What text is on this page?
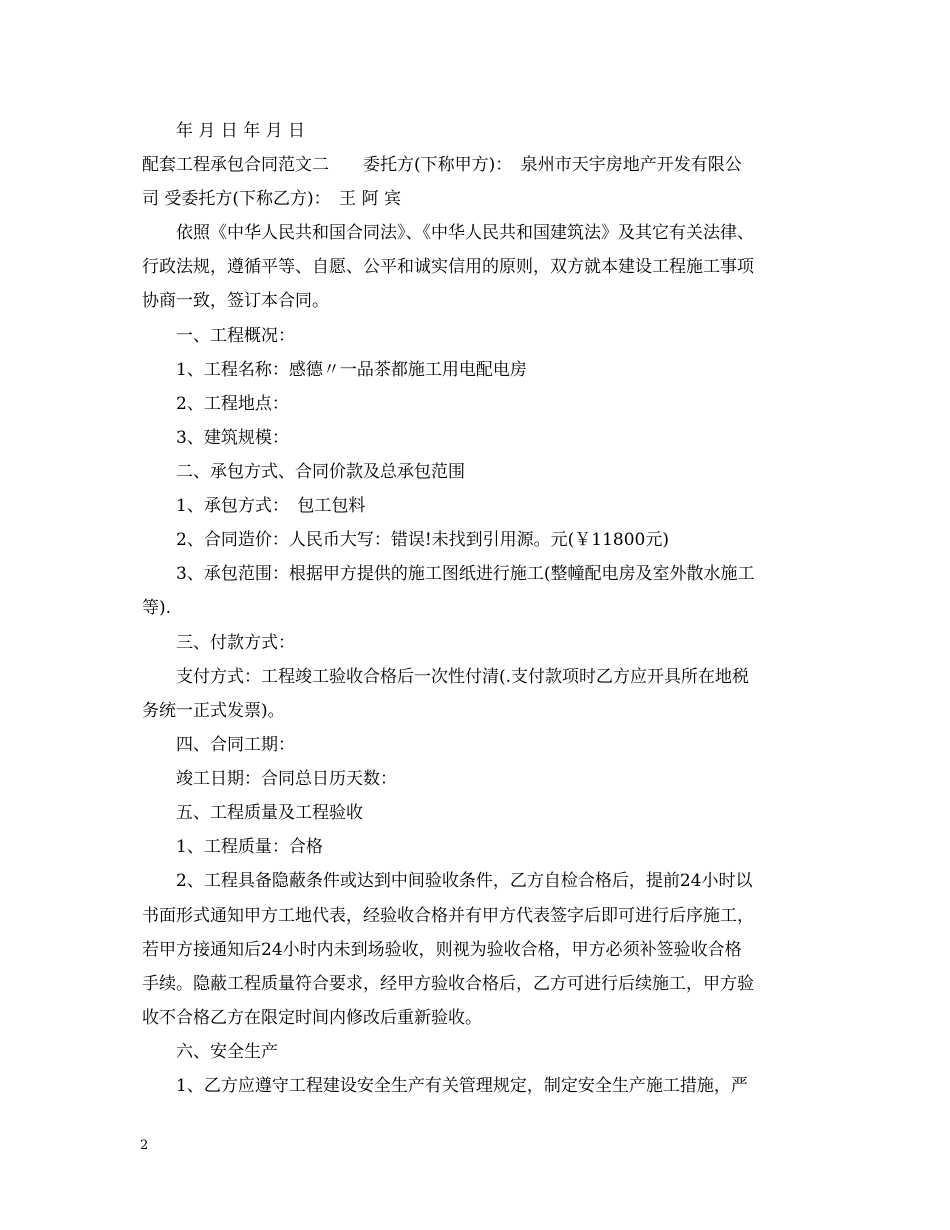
年 月 日 年 月 日
配套工程承包合同范文二　　委托方(下称甲方)：　泉州市天宇房地产开发有限公
司 受委托方(下称乙方)：　王 阿 宾
依照《中华人民共和国合同法》、《中华人民共和国建筑法》及其它有关法律、
行政法规，遵循平等、自愿、公平和诚实信用的原则，双方就本建设工程施工事项
协商一致，签订本合同。
一、工程概况：
1、工程名称：感德〃一品茶都施工用电配电房
2、工程地点：
3、建筑规模：
二、承包方式、合同价款及总承包范围
1、承包方式：　包工包料
2、合同造价：人民币大写：错误!未找到引用源。元(￥11800元)
3、承包范围：根据甲方提供的施工图纸进行施工(整幢配电房及室外散水施工
等).
三、付款方式：
支付方式：工程竣工验收合格后一次性付清(.支付款项时乙方应开具所在地税
务统一正式发票)。
四、合同工期：
竣工日期：合同总日历天数：
五、工程质量及工程验收
1、工程质量：合格
2、工程具备隐蔽条件或达到中间验收条件，乙方自检合格后，提前24小时以
书面形式通知甲方工地代表，经验收合格并有甲方代表签字后即可进行后序施工，
若甲方接通知后24小时内未到场验收，则视为验收合格，甲方必须补签验收合格
手续。隐蔽工程质量符合要求，经甲方验收合格后，乙方可进行后续施工，甲方验
收不合格乙方在限定时间内修改后重新验收。
六、安全生产
1、乙方应遵守工程建设安全生产有关管理规定，制定安全生产施工措施，严
2
